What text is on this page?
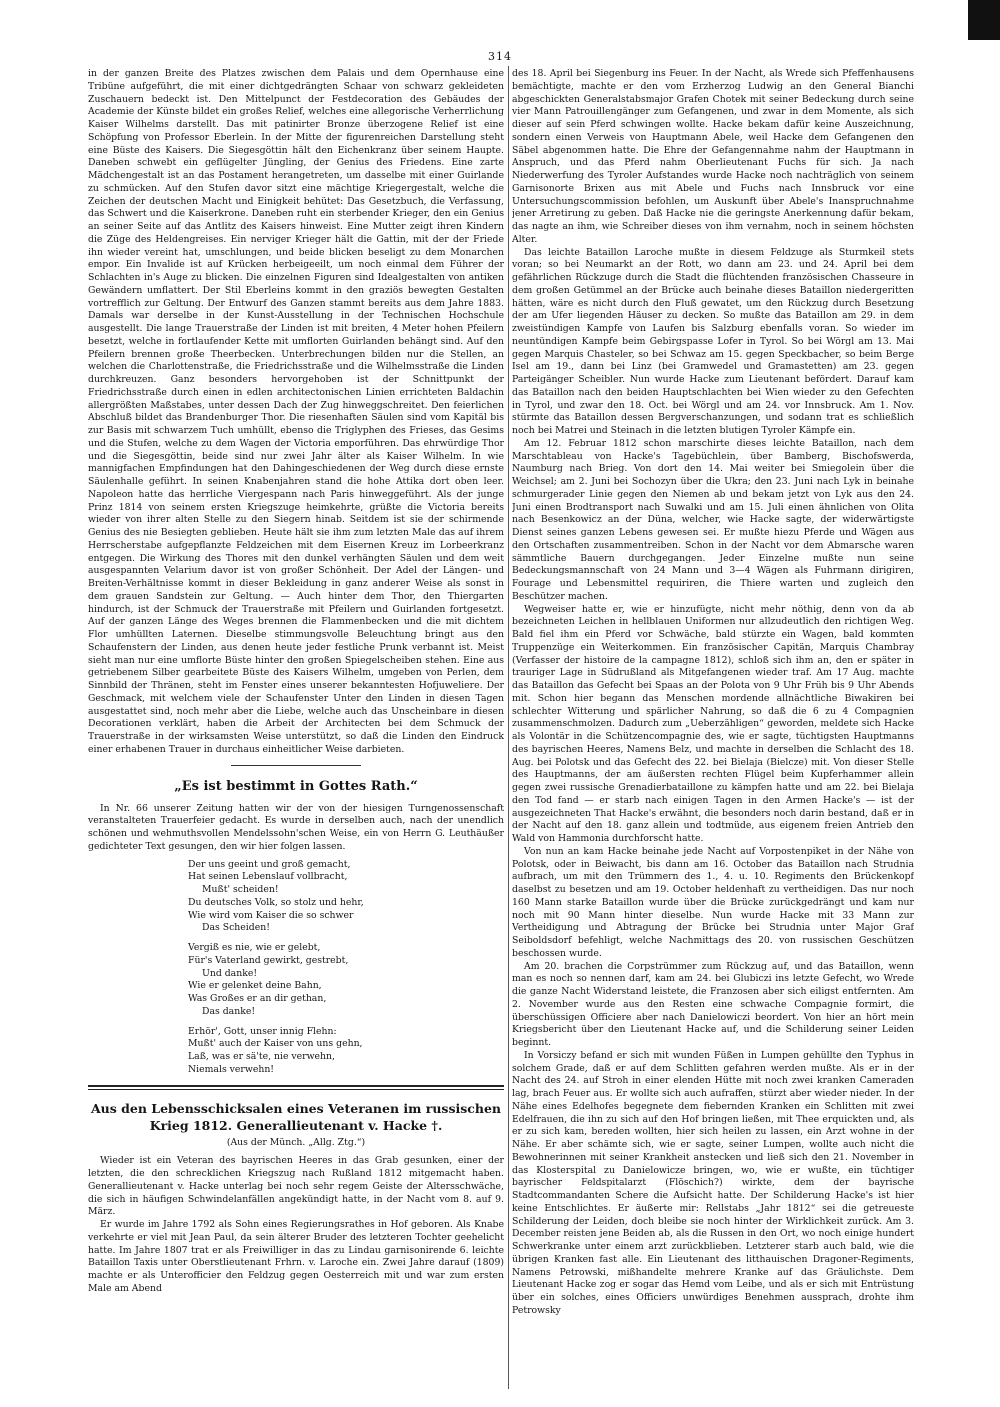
314

in der ganzen Breite des Platzes zwischen dem Palais und dem Opernhause eine Tribüne aufgeführt, die mit einer dichtgedrängten Schaar von schwarz gekleideten Zuschauern bedeckt ist. Den Mittelpunct der Festdecoration des Gebäudes der Academie der Künste bildet ein großes Relief, welches eine allegorische Verherrlichung Kaiser Wilhelms darstellt. Das mit patinirter Bronze überzogene Relief ist eine Schöpfung von Professor Eberlein. In der Mitte der figurenreichen Darstellung steht eine Büste des Kaisers. Die Siegesgöttin hält den Eichenkranz über seinem Haupte. Daneben schwebt ein geflügelter Jüngling, der Genius des Friedens. Eine zarte Mädchengestalt ist an das Postament herangetreten, um dasselbe mit einer Guirlande zu schmücken. Auf den Stufen davor sitzt eine mächtige Kriegergestalt, welche die Zeichen der deutschen Macht und Einigkeit behütet: Das Gesetzbuch, die Verfassung, das Schwert und die Kaiserkrone. Daneben ruht ein sterbender Krieger, den ein Genius an seiner Seite auf das Antlitz des Kaisers hinweist. Eine Mutter zeigt ihren Kindern die Züge des Heldengreises. Ein nerviger Krieger hält die Gattin, mit der der Friede ihn wieder vereint hat, umschlungen, und beide blicken beseligt zu dem Monarchen empor. Ein Invalide ist auf Krücken herbeigeeilt, um noch einmal dem Führer der Schlachten in's Auge zu blicken. Die einzelnen Figuren sind Idealgestalten von antiken Gewändern umflattert. Der Stil Eberleins kommt in den graziös bewegten Gestalten vortrefflich zur Geltung. Der Entwurf des Ganzen stammt bereits aus dem Jahre 1883. Damals war derselbe in der Kunst-Ausstellung in der Technischen Hochschule ausgestellt. Die lange Trauerstraße der Linden ist mit breiten, 4 Meter hohen Pfeilern besetzt, welche in fortlaufender Kette mit umflorten Guirlanden behängt sind. Auf den Pfeilern brennen große Theerbecken. Unterbrechungen bilden nur die Stellen, an welchen die Charlottenstraße, die Friedrichsstraße und die Wilhelmsstraße die Linden durchkreuzen. Ganz besonders hervorgehoben ist der Schnittpunkt der Friedrichsstraße durch einen in edlen architectonischen Linien errichteten Baldachin allergrößten Maßstabes, unter dessen Dach der Zug hinweggschreitet. Den feierlichen Abschluß bildet das Brandenburger Thor. Die riesenhaften Säulen sind vom Kapitäl bis zur Basis mit schwarzem Tuch umhüllt, ebenso die Triglyphen des Frieses, das Gesims und die Stufen, welche zu dem Wagen der Victoria emporführen. Das ehrwürdige Thor und die Siegesgöttin, beide sind nur zwei Jahr älter als Kaiser Wilhelm. In wie mannigfachen Empfindungen hat den Dahingeschiedenen der Weg durch diese ernste Säulenhalle geführt. In seinen Knabenjahren stand die hohe Attika dort oben leer. Napoleon hatte das herrliche Viergespann nach Paris hinweggeführt. Als der junge Prinz 1814 von seinem ersten Kriegszuge heimkehrte, grüßte die Victoria bereits wieder von ihrer alten Stelle zu den Siegern hinab. Seitdem ist sie der schirmende Genius des nie Besiegten geblieben. Heute hält sie ihm zum letzten Male das auf ihrem Herrscherstabe aufgepflanzte Feldzeichen mit dem Eisernen Kreuz im Lorbeerkranz entgegen. Die Wirkung des Thores mit den dunkel verhängten Säulen und dem weit ausgespannten Velarium davor ist von großer Schönheit. Der Adel der Längen- und Breiten-Verhältnisse kommt in dieser Bekleidung in ganz anderer Weise als sonst in dem grauen Sandstein zur Geltung. — Auch hinter dem Thor, den Thiergarten hindurch, ist der Schmuck der Trauerstraße mit Pfeilern und Guirlanden fortgesetzt. Auf der ganzen Länge des Weges brennen die Flammenbecken und die mit dichtem Flor umhüllten Laternen. Dieselbe stimmungsvolle Beleuchtung bringt aus den Schaufenstern der Linden, aus denen heute jeder festliche Prunk verbannt ist. Meist sieht man nur eine umflorte Büste hinter den großen Spiegelscheiben stehen. Eine aus getriebenem Silber gearbeitete Büste des Kaisers Wilhelm, umgeben von Perlen, dem Sinnbild der Thränen, steht im Fenster eines unserer bekanntesten Hofjuweliere. Der Geschmack, mit welchem viele der Schaufenster Unter den Linden in diesen Tagen ausgestattet sind, noch mehr aber die Liebe, welche auch das Unscheinbare in diesen Decorationen verklärt, haben die Arbeit der Architecten bei dem Schmuck der Trauerstraße in der wirksamsten Weise unterstützt, so daß die Linden den Eindruck einer erhabenen Trauer in durchaus einheitlicher Weise darbieten.

„Es ist bestimmt in Gottes Rath.“

In Nr. 66 unserer Zeitung hatten wir der von der hiesigen Turngenossenschaft veranstalteten Trauerfeier gedacht. Es wurde in derselben auch, nach der unendlich schönen und wehmuthsvollen Mendelssohn'schen Weise, ein von Herrn G. Leuthäußer gedichteter Text gesungen, den wir hier folgen lassen.

Der uns geeint und groß gemacht,

Hat seinen Lebenslauf vollbracht,

Mußt' scheiden!

Du deutsches Volk, so stolz und hehr,

Wie wird vom Kaiser die so schwer

Das Scheiden!

Vergiß es nie, wie er gelebt,

Für's Vaterland gewirkt, gestrebt,

Und danke!

Wie er gelenket deine Bahn,

Was Großes er an dir gethan,

Das danke!

Erhör', Gott, unser innig Flehn:

Mußt' auch der Kaiser von uns gehn,

Laß, was er sä'te, nie verwehn,

Niemals verwehn!

Aus den Lebensschicksalen eines Veteranen im russischen Krieg 1812. Generallieutenant v. Hacke †.
(Aus der Münch. „Allg. Ztg.“)

Wieder ist ein Veteran des bayrischen Heeres in das Grab gesunken, einer der letzten, die den schrecklichen Kriegszug nach Rußland 1812 mitgemacht haben. Generallieutenant v. Hacke unterlag bei noch sehr regem Geiste der Altersschwäche, die sich in häufigen Schwindelanfällen angekündigt hatte, in der Nacht vom 8. auf 9. März.

Er wurde im Jahre 1792 als Sohn eines Regierungsrathes in Hof geboren. Als Knabe verkehrte er viel mit Jean Paul, da sein älterer Bruder des letzteren Tochter geehelicht hatte. Im Jahre 1807 trat er als Freiwilliger in das zu Lindau garnisonirende 6. leichte Bataillon Taxis unter Oberstlieutenant Frhrn. v. Laroche ein. Zwei Jahre darauf (1809) machte er als Unterofficier den Feldzug gegen Oesterreich mit und war zum ersten Male am Abend

des 18. April bei Siegenburg ins Feuer. In der Nacht, als Wrede sich Pfeffenhausens bemächtigte, machte er den vom Erzherzog Ludwig an den General Bianchi abgeschickten Generalstabsmajor Grafen Chotek mit seiner Bedeckung durch seine vier Mann Patrouillengänger zum Gefangenen, und zwar in dem Momente, als sich dieser auf sein Pferd schwingen wollte. Hacke bekam dafür keine Auszeichnung, sondern einen Verweis von Hauptmann Abele, weil Hacke dem Gefangenen den Säbel abgenommen hatte. Die Ehre der Gefangennahme nahm der Hauptmann in Anspruch, und das Pferd nahm Oberlieutenant Fuchs für sich. Ja nach Niederwerfung des Tyroler Aufstandes wurde Hacke noch nachträglich von seinem Garnisonorte Brixen aus mit Abele und Fuchs nach Innsbruck vor eine Untersuchungscommission befohlen, um Auskunft über Abele's Inanspruchnahme jener Arretirung zu geben. Daß Hacke nie die geringste Anerkennung dafür bekam, das nagte an ihm, wie Schreiber dieses von ihm vernahm, noch in seinem höchsten Alter.

Das leichte Bataillon Laroche mußte in diesem Feldzuge als Sturmkeil stets voran; so bei Neumarkt an der Rott, wo dann am 23. und 24. April bei dem gefährlichen Rückzuge durch die Stadt die flüchtenden französischen Chasseure in dem großen Getümmel an der Brücke auch beinahe dieses Bataillon niedergeritten hätten, wäre es nicht durch den Fluß gewatet, um den Rückzug durch Besetzung der am Ufer liegenden Häuser zu decken. So mußte das Bataillon am 29. in dem zweistündigen Kampfe von Laufen bis Salzburg ebenfalls voran. So wieder im neuntündigen Kampfe beim Gebirgspasse Lofer in Tyrol. So bei Wörgl am 13. Mai gegen Marquis Chasteler, so bei Schwaz am 15. gegen Speckbacher, so beim Berge Isel am 19., dann bei Linz (bei Gramwedel und Gramastetten) am 23. gegen Parteigänger Scheibler. Nun wurde Hacke zum Lieutenant befördert. Darauf kam das Bataillon nach den beiden Hauptschlachten bei Wien wieder zu den Gefechten in Tyrol, und zwar den 18. Oct. bei Wörgl und am 24. vor Innsbruck. Am 1. Nov. stürmte das Bataillon dessen Bergverschanzungen, und sodann trat es schließlich noch bei Matrei und Steinach in die letzten blutigen Tyroler Kämpfe ein.

Am 12. Februar 1812 schon marschirte dieses leichte Bataillon, nach dem Marschtableau von Hacke's Tagebüchlein, über Bamberg, Bischofswerda, Naumburg nach Brieg. Von dort den 14. Mai weiter bei Smiegolein über die Weichsel; am 2. Juni bei Sochozyn über die Ukra; den 23. Juni nach Lyk in beinahe schmurgerader Linie gegen den Niemen ab und bekam jetzt von Lyk aus den 24. Juni einen Brodtransport nach Suwalki und am 15. Juli einen ähnlichen von Olita nach Besenkowicz an der Düna, welcher, wie Hacke sagte, der widerwärtigste Dienst seines ganzen Lebens gewesen sei. Er mußte hiezu Pferde und Wägen aus den Ortschaften zusammentreiben. Schon in der Nacht vor dem Abmarsche waren sämmtliche Bauern durchgegangen. Jeder Einzelne mußte nun seine Bedeckungsmannschaft von 24 Mann und 3—4 Wägen als Fuhrmann dirigiren, Fourage und Lebensmittel requiriren, die Thiere warten und zugleich den Beschützer machen.

Wegweiser hatte er, wie er hinzufügte, nicht mehr nöthig, denn von da ab bezeichneten Leichen in hellblauen Uniformen nur allzudeutlich den richtigen Weg. Bald fiel ihm ein Pferd vor Schwäche, bald stürzte ein Wagen, bald kommten Truppenzüge ein Weiterkommen. Ein französischer Capitän, Marquis Chambray (Verfasser der histoire de la campagne 1812), schloß sich ihm an, den er später in trauriger Lage in Südrußland als Mitgefangenen wieder traf. Am 17 Aug. machte das Bataillon das Gefecht bei Spaas an der Polota von 9 Uhr Früh bis 9 Uhr Abends mit. Schon hier begann das Menschen mordende allnächtliche Biwakiren bei schlechter Witterung und spärlicher Nahrung, so daß die 6 zu 4 Compagnien zusammenschmolzen. Dadurch zum „Ueberzähligen“ geworden, meldete sich Hacke als Volontär in die Schützencompagnie des, wie er sagte, tüchtigsten Hauptmanns des bayrischen Heeres, Namens Belz, und machte in derselben die Schlacht des 18. Aug. bei Polotsk und das Gefecht des 22. bei Bielaja (Bielcze) mit. Von dieser Stelle des Hauptmanns, der am äußersten rechten Flügel beim Kupferhammer allein gegen zwei russische Grenadierbataillone zu kämpfen hatte und am 22. bei Bielaja den Tod fand — er starb nach einigen Tagen in den Armen Hacke's — ist der ausgezeichneten That Hacke's erwähnt, die besonders noch darin bestand, daß er in der Nacht auf den 18. ganz allein und todtmüde, aus eigenem freien Antrieb den Wald von Hammonia durchforscht hatte.

Von nun an kam Hacke beinahe jede Nacht auf Vorpostenpiket in der Nähe von Polotsk, oder in Beiwacht, bis dann am 16. October das Bataillon nach Strudnia aufbrach, um mit den Trümmern des 1., 4. u. 10. Regiments den Brückenkopf daselbst zu besetzen und am 19. October heldenhaft zu vertheidigen. Das nur noch 160 Mann starke Bataillon wurde über die Brücke zurückgedrängt und kam nur noch mit 90 Mann hinter dieselbe. Nun wurde Hacke mit 33 Mann zur Vertheidigung und Abtragung der Brücke bei Strudnia unter Major Graf Seiboldsdorf befehligt, welche Nachmittags des 20. von russischen Geschützen beschossen wurde.

Am 20. brachen die Corpstrümmer zum Rückzug auf, und das Bataillon, wenn man es noch so nennen darf, kam am 24. bei Glubiczi ins letzte Gefecht, wo Wrede die ganze Nacht Widerstand leistete, die Franzosen aber sich eiligst entfernten. Am 2. November wurde aus den Resten eine schwache Compagnie formirt, die überschüssigen Officiere aber nach Danielowiczi beordert. Von hier an hört mein Kriegsbericht über den Lieutenant Hacke auf, und die Schilderung seiner Leiden beginnt.

In Vorsiczy befand er sich mit wunden Füßen in Lumpen gehüllte den Typhus in solchem Grade, daß er auf dem Schlitten gefahren werden mußte. Als er in der Nacht des 24. auf Stroh in einer elenden Hütte mit noch zwei kranken Cameraden lag, brach Feuer aus. Er wollte sich auch aufraffen, stürzt aber wieder nieder. In der Nähe eines Edelhofes begegnete dem fiebernden Kranken ein Schlitten mit zwei Edelfrauen, die ihn zu sich auf den Hof bringen ließen, mit Thee erquickten und, als er zu sich kam, bereden wollten, hier sich heilen zu lassen, ein Arzt wohne in der Nähe. Er aber schämte sich, wie er sagte, seiner Lumpen, wollte auch nicht die Bewohnerinnen mit seiner Krankheit anstecken und ließ sich den 21. November in das Klosterspital zu Danielowicze bringen, wo, wie er wußte, ein tüchtiger bayrischer Feldspitalarzt (Flöschich?) wirkte, dem der bayrische Stadtcommandanten Schere die Aufsicht hatte. Der Schilderung Hacke's ist hier keine Entschlichtes. Er äußerte mir: Rellstabs „Jahr 1812“ sei die getreueste Schilderung der Leiden, doch bleibe sie noch hinter der Wirklichkeit zurück. Am 3. December reisten jene Beiden ab, als die Russen in den Ort, wo noch einige hundert Schwerkranke unter einem arzt zurückblieben. Letzterer starb auch bald, wie die übrigen Kranken fast alle. Ein Lieutenant des litthauischen Dragoner-Regiments, Namens Petrowski, mißhandelte mehrere Kranke auf das Gräulichste. Dem Lieutenant Hacke zog er sogar das Hemd vom Leibe, und als er sich mit Entrüstung über ein solches, eines Officiers unwürdiges Benehmen aussprach, drohte ihm Petrowsky
